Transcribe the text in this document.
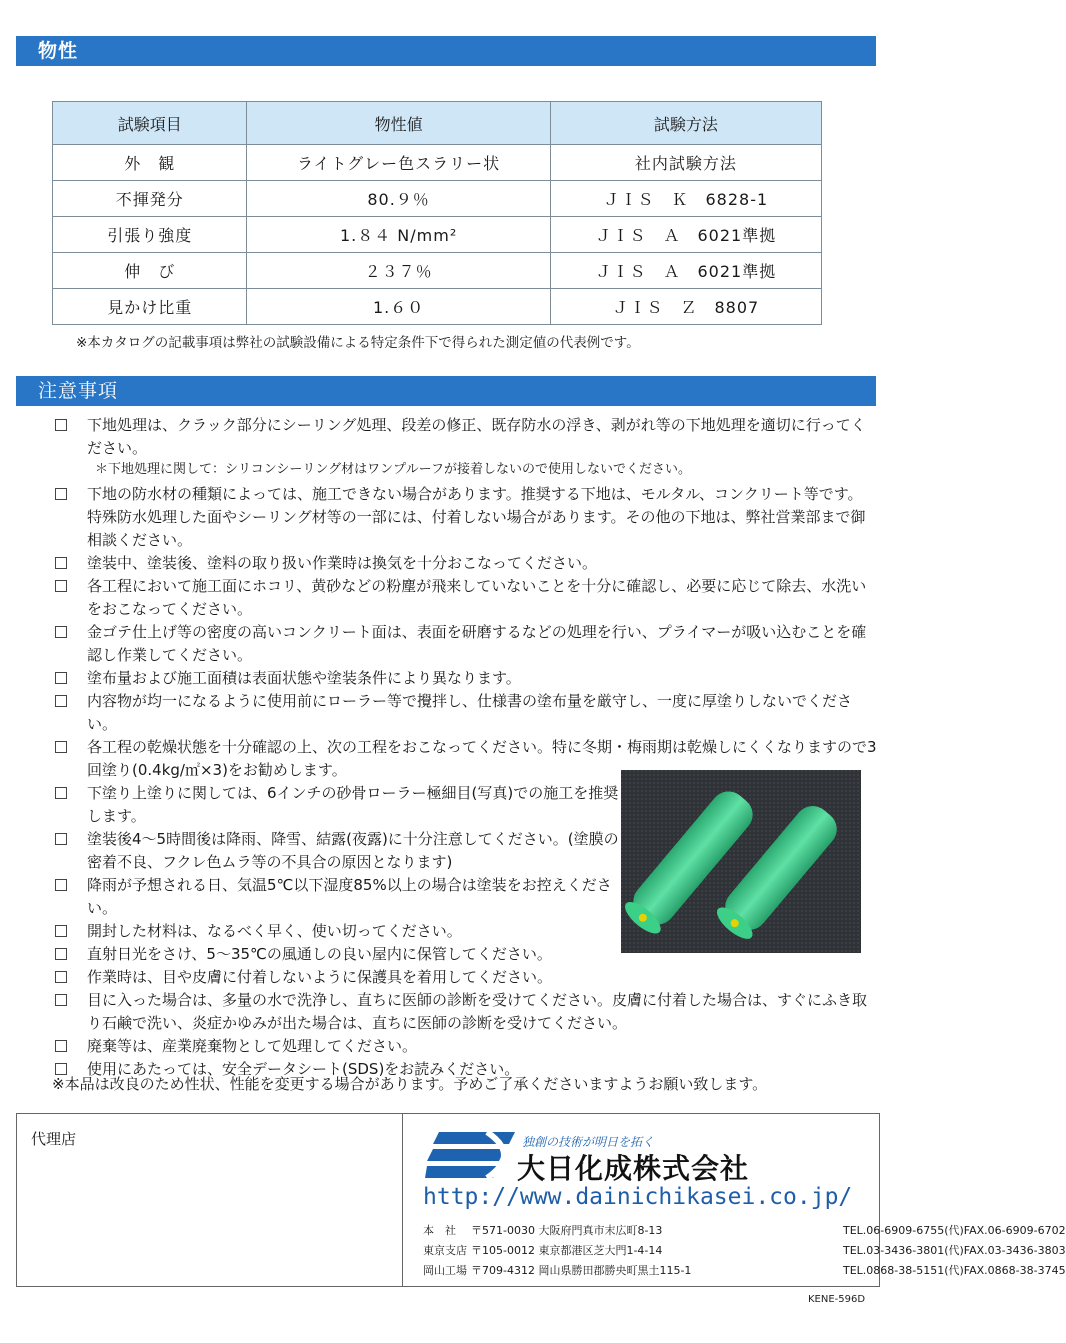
物性
試験項目	物性値	試験方法
外　観	ライトグレー色スラリー状	社内試験方法
不揮発分	80.９％	ＪＩＳ　Ｋ　6828-1
引張り強度	1.８４ N/mm²	ＪＩＳ　Ａ　6021準拠
伸　び	２３７％	ＪＩＳ　Ａ　6021準拠
見かけ比重	1.６０	ＪＩＳ　Ｚ　8807
※本カタログの記載事項は弊社の試験設備による特定条件下で得られた測定値の代表例です。
注意事項
下地処理は、クラック部分にシーリング処理、段差の修正、既存防水の浮き、剥がれ等の下地処理を適切に行ってください。
＊下地処理に関して：シリコンシーリング材はワンプルーフが接着しないので使用しないでください。
下地の防水材の種類によっては、施工できない場合があります。推奨する下地は、モルタル、コンクリート等です。特殊防水処理した面やシーリング材等の一部には、付着しない場合があります。その他の下地は、弊社営業部まで御相談ください。
塗装中、塗装後、塗料の取り扱い作業時は換気を十分おこなってください。
各工程において施工面にホコリ、黄砂などの粉塵が飛来していないことを十分に確認し、必要に応じて除去、水洗いをおこなってください。
金ゴテ仕上げ等の密度の高いコンクリート面は、表面を研磨するなどの処理を行い、プライマーが吸い込むことを確認し作業してください。
塗布量および施工面積は表面状態や塗装条件により異なります。
内容物が均一になるように使用前にローラー等で攪拌し、仕様書の塗布量を厳守し、一度に厚塗りしないでください。
各工程の乾燥状態を十分確認の上、次の工程をおこなってください。特に冬期・梅雨期は乾燥しにくくなりますので3回塗り(0.4kg/㎡×3)をお勧めします。
下塗り上塗りに関しては、6インチの砂骨ローラー極細目(写真)での施工を推奨します。
塗装後4～5時間後は降雨、降雪、結露(夜露)に十分注意してください。(塗膜の密着不良、フクレ色ムラ等の不具合の原因となります)
降雨が予想される日、気温5℃以下湿度85%以上の場合は塗装をお控えください。
開封した材料は、なるべく早く、使い切ってください。
直射日光をさけ、5～35℃の風通しの良い屋内に保管してください。
作業時は、目や皮膚に付着しないように保護具を着用してください。
目に入った場合は、多量の水で洗浄し、直ちに医師の診断を受けてください。皮膚に付着した場合は、すぐにふき取り石鹸で洗い、炎症かゆみが出た場合は、直ちに医師の診断を受けてください。
廃棄等は、産業廃棄物として処理してください。
使用にあたっては、安全データシート(SDS)をお読みください。
※本品は改良のため性状、性能を変更する場合があります。予めご了承くださいますようお願い致します。
代理店	独創の技術が明日を拓く
大日化成株式会社
http://www.dainichikasei.co.jp/
本　社 〒571-0030 大阪府門真市末広町8-13	TEL.06-6909-6755(代)FAX.06-6909-6702
東京支店 〒105-0012 東京都港区芝大門1-4-14	TEL.03-3436-3801(代)FAX.03-3436-3803
岡山工場 〒709-4312 岡山県勝田郡勝央町黒土115-1	TEL.0868-38-5151(代)FAX.0868-38-3745
KENE-596D
